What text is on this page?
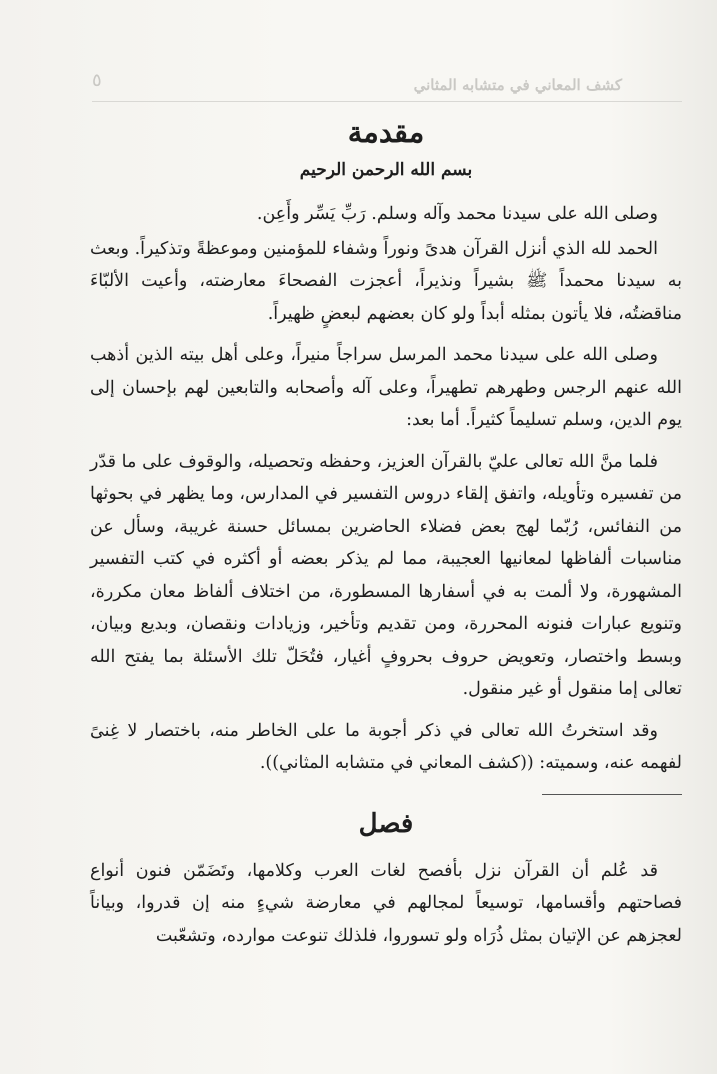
كشف المعاني في متشابه المثاني
٥
مقدمة
بسم الله الرحمن الرحيم

وصلى الله على سيدنا محمد وآله وسلم. رَبِّ يَسِّر وأَعِن.

الحمد لله الذي أنزل القرآن هدىً ونوراً وشفاء للمؤمنين وموعظةً وتذكيراً. وبعث به سيدنا محمداً ﷺ بشيراً ونذيراً، أعجزت الفصحاءَ معارضته، وأعيت الألبّاءَ مناقضتُه، فلا يأتون بمثله أبداً ولو كان بعضهم لبعضٍ ظهيراً.

وصلى الله على سيدنا محمد المرسل سراجاً منيراً، وعلى أهل بيته الذين أذهب الله عنهم الرجس وطهرهم تطهيراً، وعلى آله وأصحابه والتابعين لهم بإحسان إلى يوم الدين، وسلم تسليماً كثيراً. أما بعد:

فلما منَّ الله تعالى عليّ بالقرآن العزيز، وحفظه وتحصيله، والوقوف على ما قدّر من تفسيره وتأويله، واتفق إلقاء دروس التفسير في المدارس، وما يظهر في بحوثها من النفائس، رُبّما لهج بعض فضلاء الحاضرين بمسائل حسنة غريبة، وسأل عن مناسبات ألفاظها لمعانيها العجيبة، مما لم يذكر بعضه أو أكثره في كتب التفسير المشهورة، ولا ألمت به في أسفارها المسطورة، من اختلاف ألفاظ معان مكررة، وتنويع عبارات فنونه المحررة، ومن تقديم وتأخير، وزيادات ونقصان، وبديع وبيان، وبسط واختصار، وتعويض حروف بحروفٍ أغيار، فتُحَلّ تلك الأسئلة بما يفتح الله تعالى إما منقول أو غير منقول.

وقد استخرتُ الله تعالى في ذكر أجوبة ما على الخاطر منه، باختصار لا غِنىً لفهمه عنه، وسميته: ((كشف المعاني في متشابه المثاني)).

فصل

قد عُلم أن القرآن نزل بأفصح لغات العرب وكلامها، وتَضَمّن فنون أنواع فصاحتهم وأقسامها، توسيعاً لمجالهم في معارضة شيءٍ منه إن قدروا، وبياناً لعجزهم عن الإتيان بمثل ذُرَاه ولو تسوروا، فلذلك تنوعت موارده، وتشعّبت
